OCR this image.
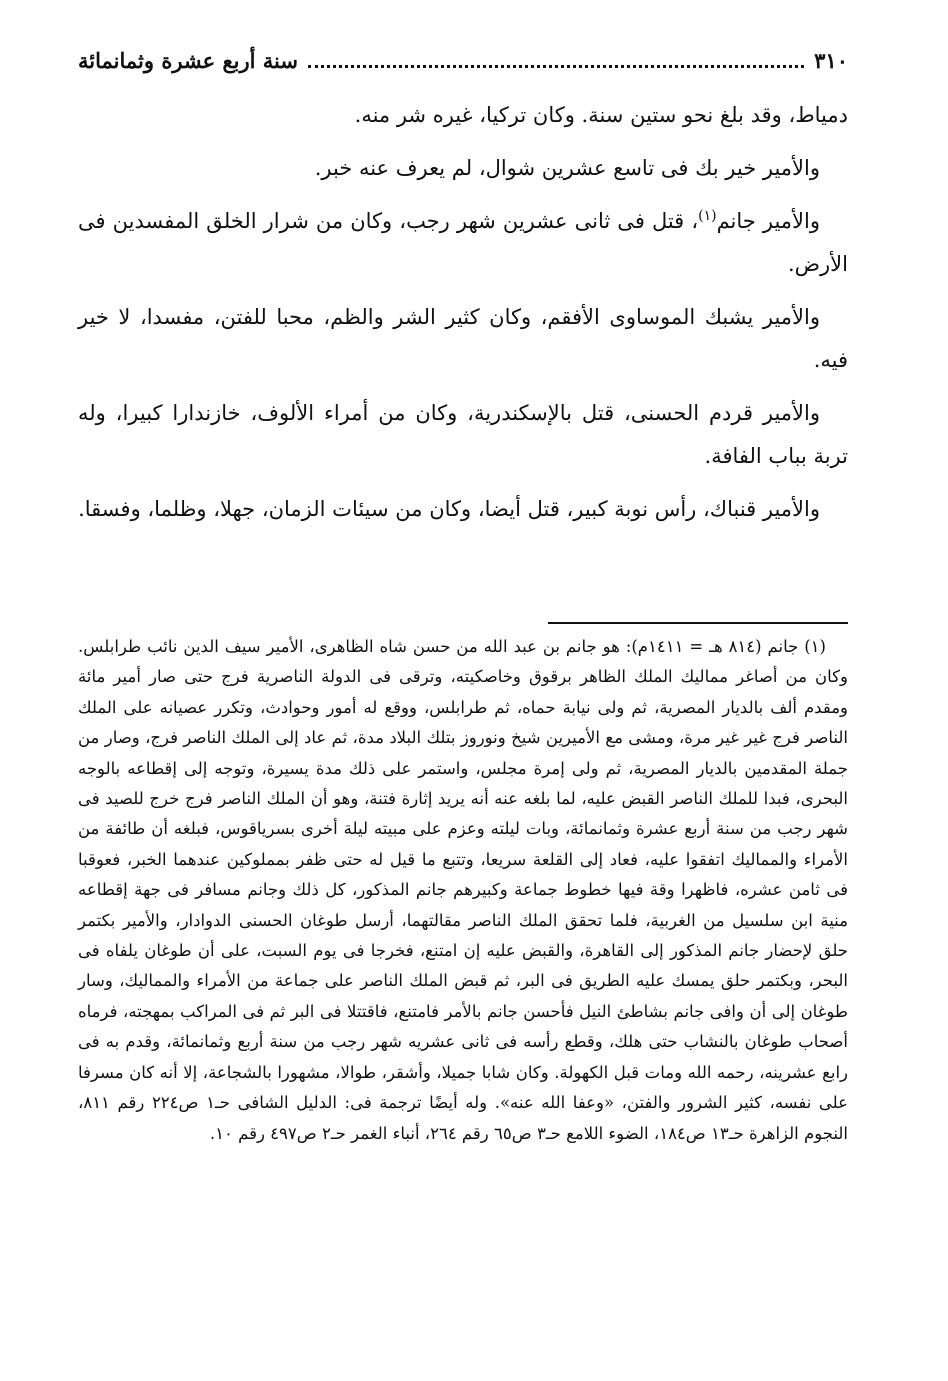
٣١٠
سنة أربع عشرة وثمانمائة

دمياط، وقد بلغ نحو ستين سنة. وكان تركيا، غيره شر منه.

والأمير خير بك فى تاسع عشرين شوال، لم يعرف عنه خبر.

والأمير جانم$^{(١)}$، قتل فى ثانى عشرين شهر رجب، وكان من شرار الخلق المفسدين فى الأرض.

والأمير يشبك الموساوى الأفقم، وكان كثير الشر والظم، محبا للفتن، مفسدا، لا خير فيه.

والأمير قردم الحسنى، قتل بالإسكندرية، وكان من أمراء الألوف، خازندارا كبيرا، وله تربة بباب الفافة.

والأمير قنباك، رأس نوبة كبير، قتل أيضا، وكان من سيئات الزمان، جهلا، وظلما، وفسقا.

(١) جانم (٨١٤ هـ = ١٤١١م): هو جانم بن عبد الله من حسن شاه الظاهرى، الأمير سيف الدين نائب طرابلس. وكان من أصاغر مماليك الملك الظاهر برقوق وخاصكيته، وترقى فى الدولة الناصرية فرج حتى صار أمير مائة ومقدم ألف بالديار المصرية، ثم ولى نيابة حماه، ثم طرابلس، ووقع له أمور وحوادث، وتكرر عصيانه على الملك الناصر فرج غير غير مرة، ومشى مع الأميرين شيخ ونوروز بتلك البلاد مدة، ثم عاد إلى الملك الناصر فرج، وصار من جملة المقدمين بالديار المصرية، ثم ولى إمرة مجلس، واستمر على ذلك مدة يسيرة، وتوجه إلى إقطاعه بالوجه البحرى، فبدا للملك الناصر القبض عليه، لما بلغه عنه أنه يريد إثارة فتنة، وهو أن الملك الناصر فرج خرج للصيد فى شهر رجب من سنة أربع عشرة وثمانمائة، وبات ليلته وعزم على مبيته ليلة أخرى بسرياقوس، فبلغه أن طائفة من الأمراء والمماليك اتفقوا عليه، فعاد إلى القلعة سريعا، وتتبع ما قيل له حتى ظفر بمملوكين عندهما الخبر، فعوقبا فى ثامن عشره، فاظهرا وقة فيها خطوط جماعة وكبيرهم جانم المذكور، كل ذلك وجانم مسافر فى جهة إقطاعه منية ابن سلسيل من الغربية، فلما تحقق الملك الناصر مقالتهما، أرسل طوغان الحسنى الدوادار، والأمير بكتمر حلق لإحضار جانم المذكور إلى القاهرة، والقبض عليه إن امتنع، فخرجا فى يوم السبت، على أن طوغان يلفاه فى البحر، وبكتمر حلق يمسك عليه الطريق فى البر، ثم قبض الملك الناصر على جماعة من الأمراء والمماليك، وسار طوغان إلى أن وافى جانم بشاطئ النيل فأحسن جانم بالأمر فامتنع، فاقتتلا فى البر ثم فى المراكب بمهجته، فرماه أصحاب طوغان بالنشاب حتى هلك، وقطع رأسه فى ثانى عشريه شهر رجب من سنة أربع وثمانمائة، وقدم به فى رابع عشرينه، رحمه الله ومات قبل الكهولة. وكان شابا جميلا، وأشقر، طوالا، مشهورا بالشجاعة، إلا أنه كان مسرفا على نفسه، كثير الشرور والفتن، «وعفا الله عنه». وله أيضًا ترجمة فى: الدليل الشافى حـ١ ص٢٢٤ رقم ٨١١، النجوم الزاهرة حـ١٣ ص١٨٤، الضوء اللامع حـ٣ ص٦٥ رقم ٢٦٤، أنباء الغمر حـ٢ ص٤٩٧ رقم ١٠.
